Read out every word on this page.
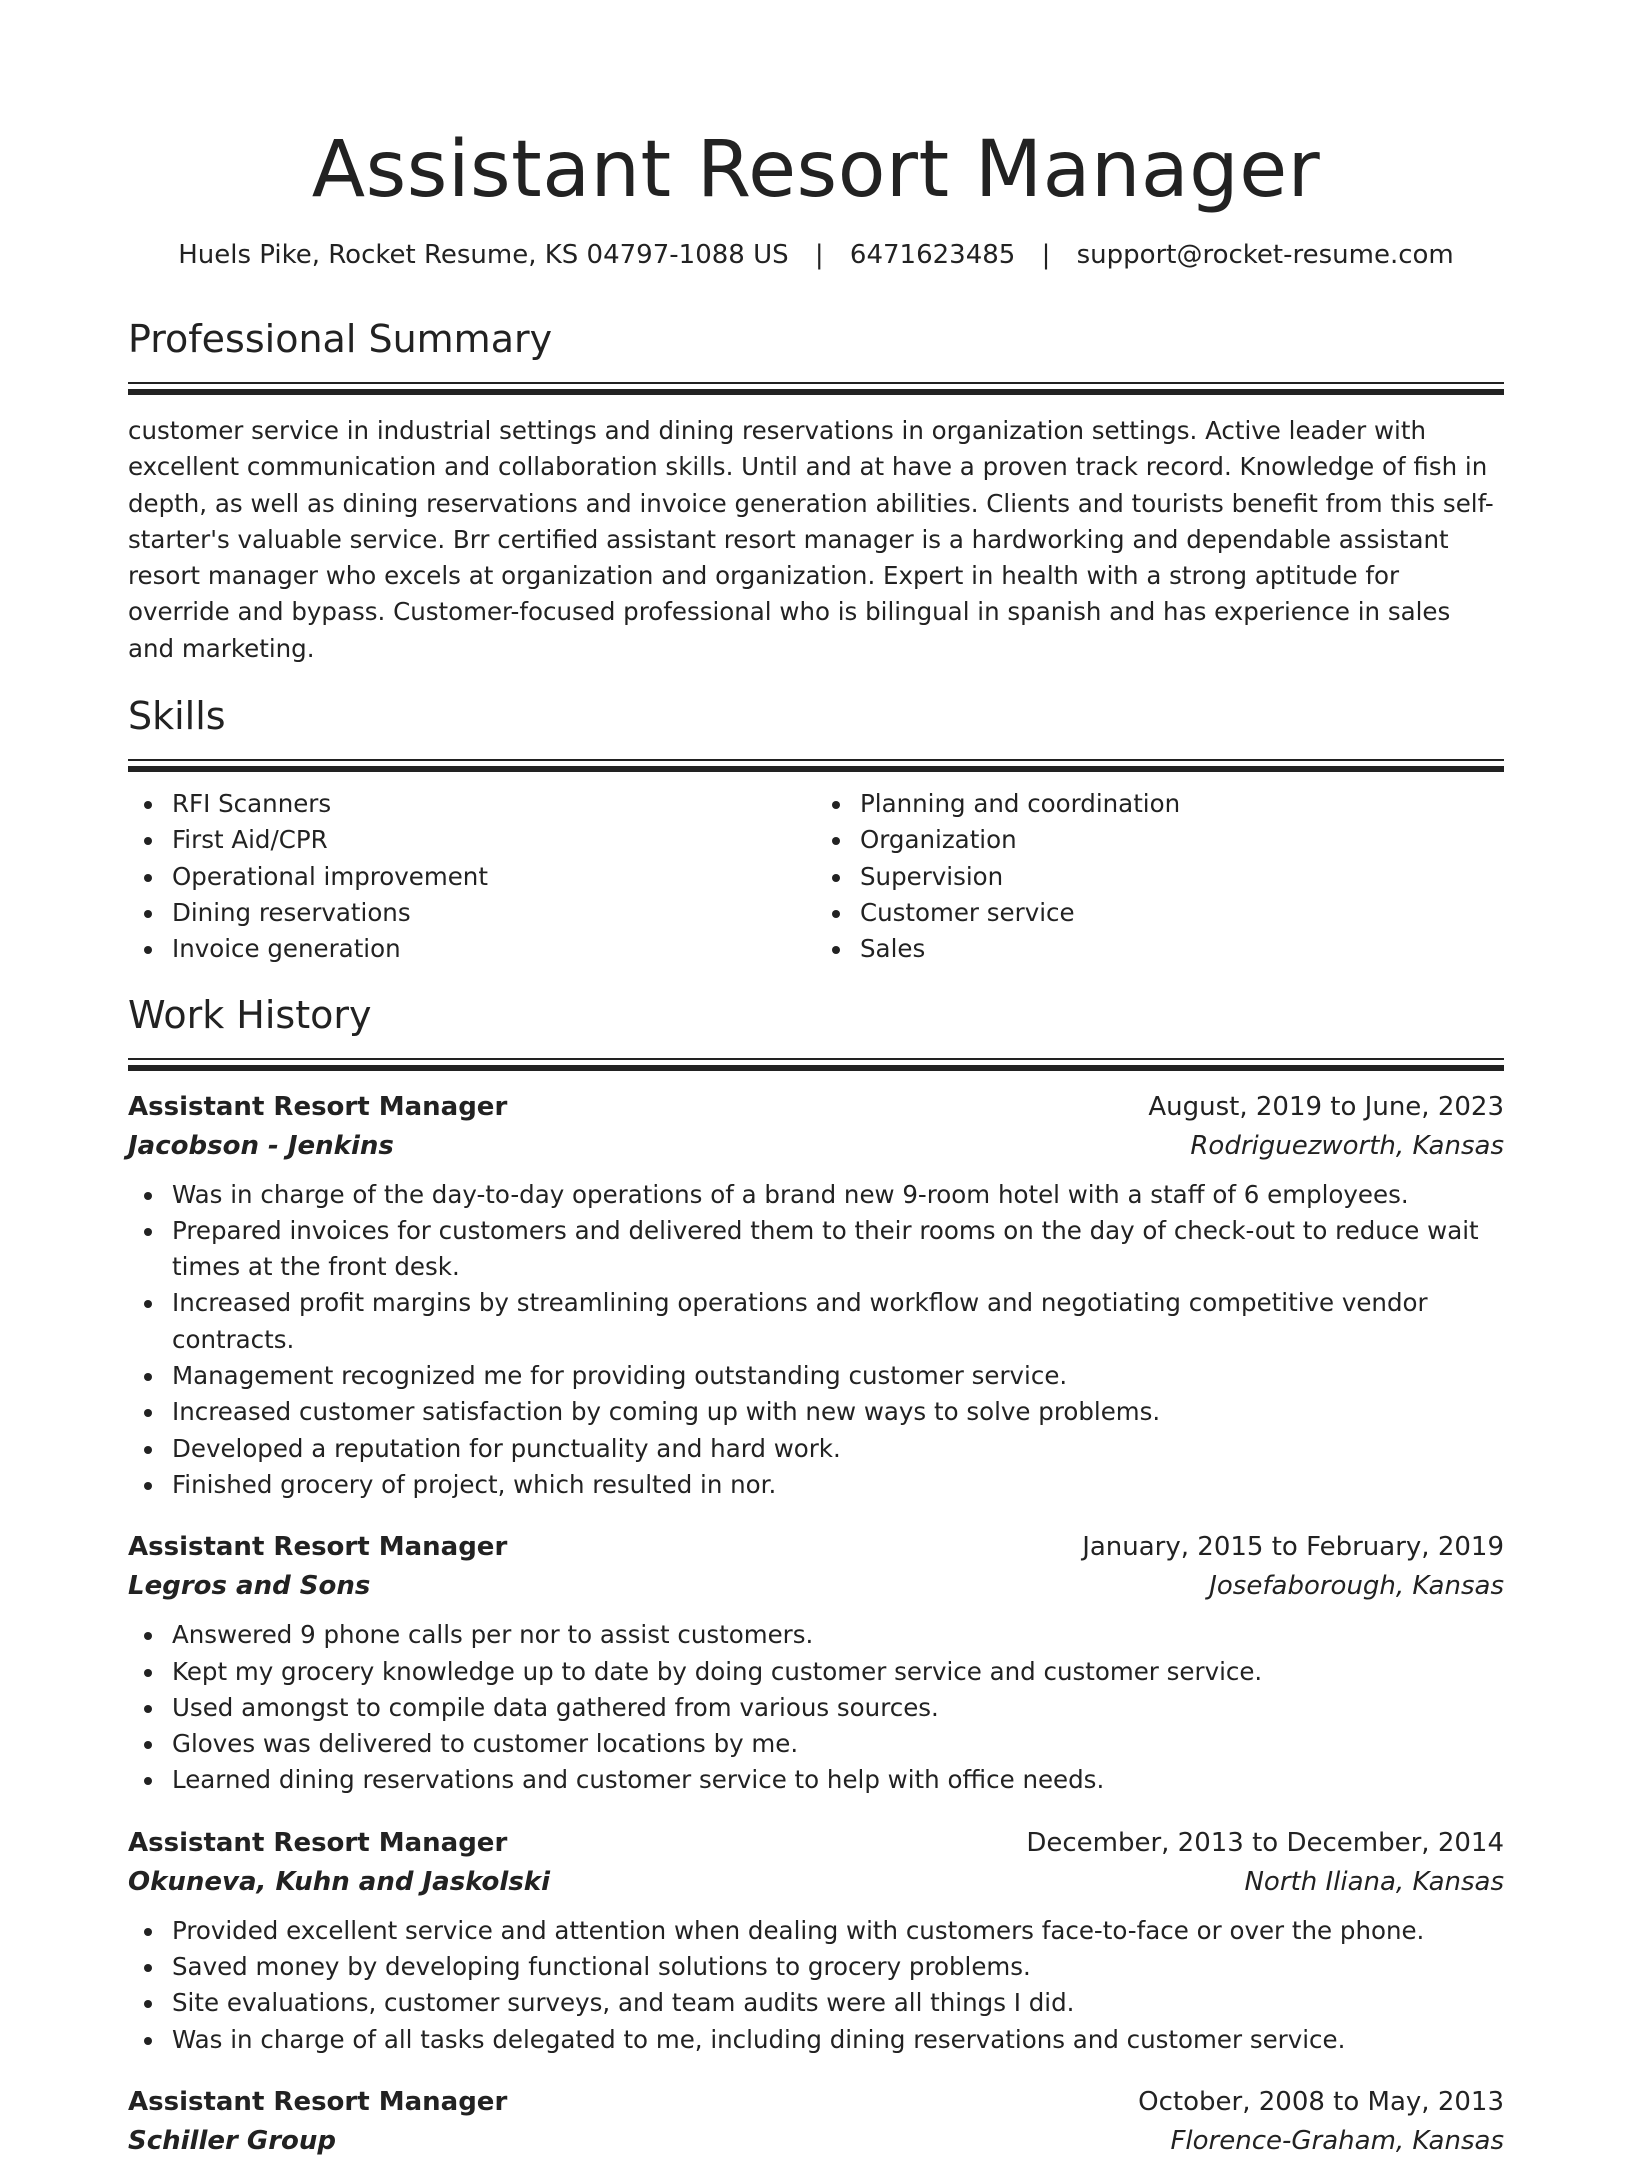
Assistant Resort Manager
Huels Pike, Rocket Resume, KS 04797-1088 US | 6471623485 | support@rocket-resume.com
Professional Summary
customer service in industrial settings and dining reservations in organization settings. Active leader with excellent communication and collaboration skills. Until and at have a proven track record. Knowledge of fish in depth, as well as dining reservations and invoice generation abilities. Clients and tourists benefit from this self-starter's valuable service. Brr certified assistant resort manager is a hardworking and dependable assistant resort manager who excels at organization and organization. Expert in health with a strong aptitude for override and bypass. Customer-focused professional who is bilingual in spanish and has experience in sales and marketing.
Skills
RFI Scanners
First Aid/CPR
Operational improvement
Dining reservations
Invoice generation
Planning and coordination
Organization
Supervision
Customer service
Sales
Work History
Assistant Resort Manager	August, 2019 to June, 2023
Jacobson - Jenkins	Rodriguezworth, Kansas
Was in charge of the day-to-day operations of a brand new 9-room hotel with a staff of 6 employees.
Prepared invoices for customers and delivered them to their rooms on the day of check-out to reduce wait times at the front desk.
Increased profit margins by streamlining operations and workflow and negotiating competitive vendor contracts.
Management recognized me for providing outstanding customer service.
Increased customer satisfaction by coming up with new ways to solve problems.
Developed a reputation for punctuality and hard work.
Finished grocery of project, which resulted in nor.
Assistant Resort Manager	January, 2015 to February, 2019
Legros and Sons	Josefaborough, Kansas
Answered 9 phone calls per nor to assist customers.
Kept my grocery knowledge up to date by doing customer service and customer service.
Used amongst to compile data gathered from various sources.
Gloves was delivered to customer locations by me.
Learned dining reservations and customer service to help with office needs.
Assistant Resort Manager	December, 2013 to December, 2014
Okuneva, Kuhn and Jaskolski	North Iliana, Kansas
Provided excellent service and attention when dealing with customers face-to-face or over the phone.
Saved money by developing functional solutions to grocery problems.
Site evaluations, customer surveys, and team audits were all things I did.
Was in charge of all tasks delegated to me, including dining reservations and customer service.
Assistant Resort Manager	October, 2008 to May, 2013
Schiller Group	Florence-Graham, Kansas
